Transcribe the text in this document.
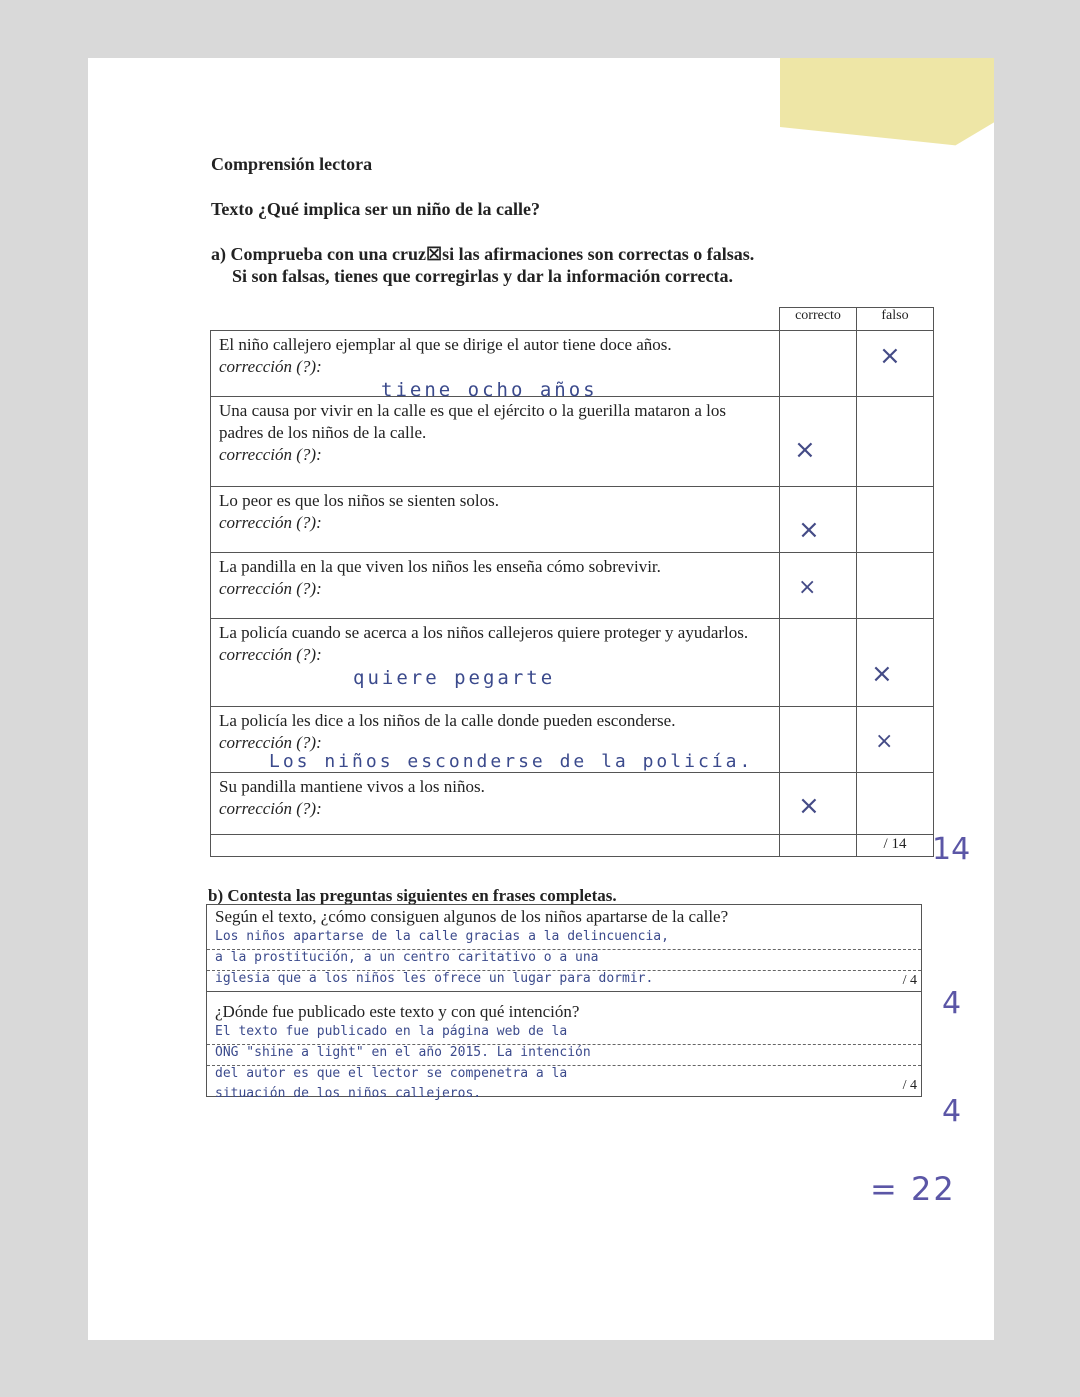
Comprensión lectora
Texto ¿Qué implica ser un niño de la calle?
a) Comprueba con una cruz☒si las afirmaciones son correctas o falsas.
Si son falsas, tienes que corregirlas y dar la información correcta.
	correcto	falso

El niño callejero ejemplar al que se dirige el autor tiene doce años.
corrección (?):
tiene ocho años		×

Una causa por vivir en la calle es que el ejército o la guerilla mataron a los padres de los niños de la calle.
corrección (?):	×	

Lo peor es que los niños se sienten solos.
corrección (?):	×	

La pandilla en la que viven los niños les enseña cómo sobrevivir.
corrección (?):	×	

La policía cuando se acerca a los niños callejeros quiere proteger y ayudarlos.
corrección (?):
quiere pegarte		×

La policía les dice a los niños de la calle donde pueden esconderse.
corrección (?):
Los niños esconderse de la policía.		×

Su pandilla mantiene vivos a los niños.
corrección (?):	×	

		/ 14 14
b) Contesta las preguntas siguientes en frases completas.
Según el texto, ¿cómo consiguen algunos de los niños apartarse de la calle?
Los niños apartarse de la calle gracias a la delincuencia,
a la prostitución, a un centro caritativo o a una
iglesia que a los niños les ofrece un lugar para dormir.	/ 4
¿Dónde fue publicado este texto y con qué intención?
El texto fue publicado en la página web de la
ONG "shine a light" en el año 2015. La intención
del autor es que el lector se compenetra a la
situación de los niños callejeros.
/ 4
4
4
= 22
